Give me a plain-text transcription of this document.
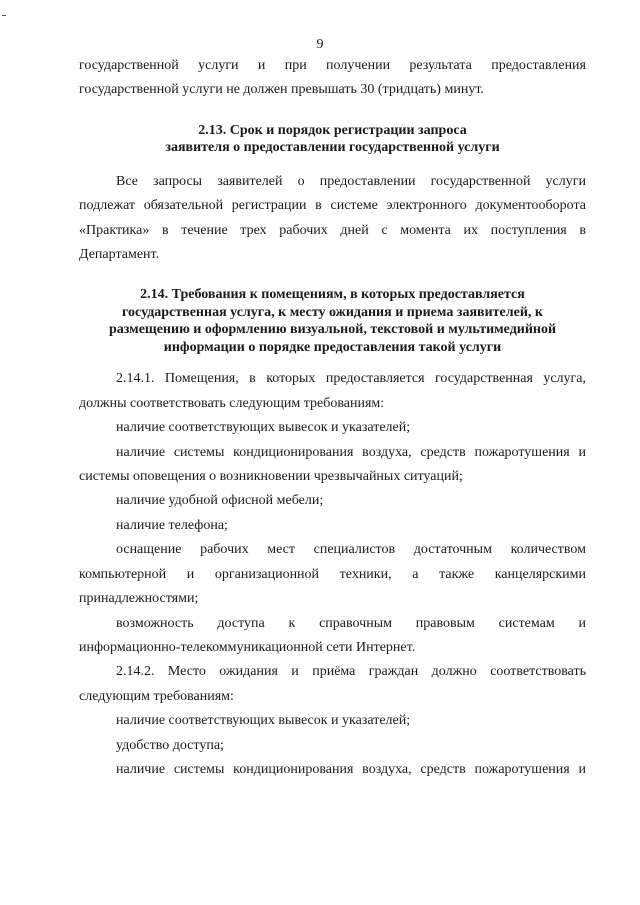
9

государственной услуги и при получении результата предоставления

государственной услуги не должен превышать 30 (тридцать) минут.

2.13. Срок и порядок регистрации запроса
заявителя о предоставлении государственной услуги

Все запросы заявителей о предоставлении государственной услуги

подлежат обязательной регистрации в системе электронного документооборота

«Практика» в течение трех рабочих дней с момента их поступления в

Департамент.

2.14. Требования к помещениям, в которых предоставляется
государственная услуга, к месту ожидания и приема заявителей, к
размещению и оформлению визуальной, текстовой и мультимедийной
информации о порядке предоставления такой услуги

2.14.1. Помещения, в которых предоставляется государственная услуга,

должны соответствовать следующим требованиям:

наличие соответствующих вывесок и указателей;

наличие системы кондиционирования воздуха, средств пожаротушения и

системы оповещения о возникновении чрезвычайных ситуаций;

наличие удобной офисной мебели;

наличие телефона;

оснащение рабочих мест специалистов достаточным количеством

компьютерной и организационной техники, а также канцелярскими

принадлежностями;

возможность доступа к справочным правовым системам и

информационно-телекоммуникационной сети Интернет.

2.14.2. Место ожидания и приёма граждан должно соответствовать

следующим требованиям:

наличие соответствующих вывесок и указателей;

удобство доступа;

наличие системы кондиционирования воздуха, средств пожаротушения и
